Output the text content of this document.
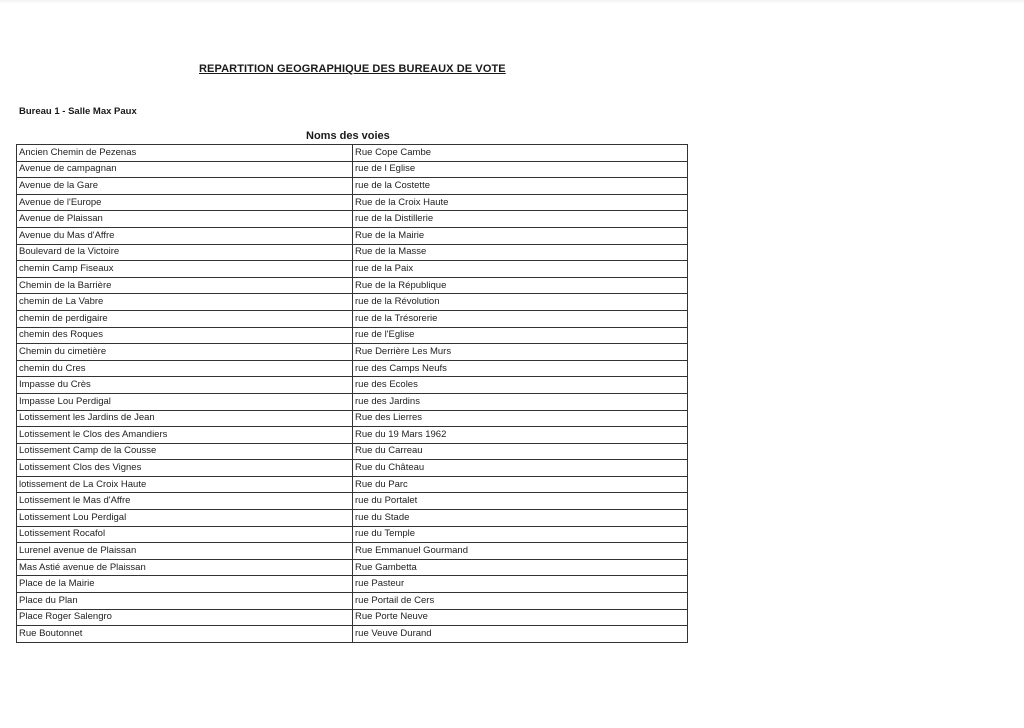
REPARTITION GEOGRAPHIQUE DES BUREAUX DE VOTE
Bureau 1 - Salle Max Paux
Noms des voies
Ancien Chemin de Pezenas	Rue Cope Cambe
Avenue de campagnan	rue de l Eglise
Avenue de la Gare	rue de la Costette
Avenue de l'Europe	Rue de la Croix Haute
Avenue de Plaissan	rue de la Distillerie
Avenue du Mas d'Affre	Rue de la Mairie
Boulevard de la Victoire	Rue de la Masse
chemin Camp Fiseaux	rue de la Paix
Chemin de la Barrière	Rue de la République
chemin de La Vabre	rue de la Révolution
chemin de perdigaire	rue de la Trésorerie
chemin des Roques	rue de l'Eglise
Chemin du cimetière	Rue Derrière Les Murs
chemin du Cres	rue des Camps Neufs
Impasse du Crès	rue des Ecoles
Impasse Lou Perdigal	rue des Jardins
Lotissement les Jardins de Jean	Rue des Lierres
Lotissement le Clos des Amandiers	Rue du 19 Mars 1962
Lotissement Camp de la Cousse	Rue du Carreau
Lotissement Clos des Vignes	Rue du Château
lotissement de La Croix Haute	Rue du Parc
Lotissement le Mas d'Affre	rue du Portalet
Lotissement Lou Perdigal	rue du Stade
Lotissement Rocafol	rue du Temple
Lurenel avenue de Plaissan	Rue Emmanuel Gourmand
Mas Astié avenue de Plaissan	Rue Gambetta
Place de la Mairie	rue Pasteur
Place du Plan	rue Portail de Cers
Place Roger Salengro	Rue Porte Neuve
Rue Boutonnet	rue Veuve Durand
